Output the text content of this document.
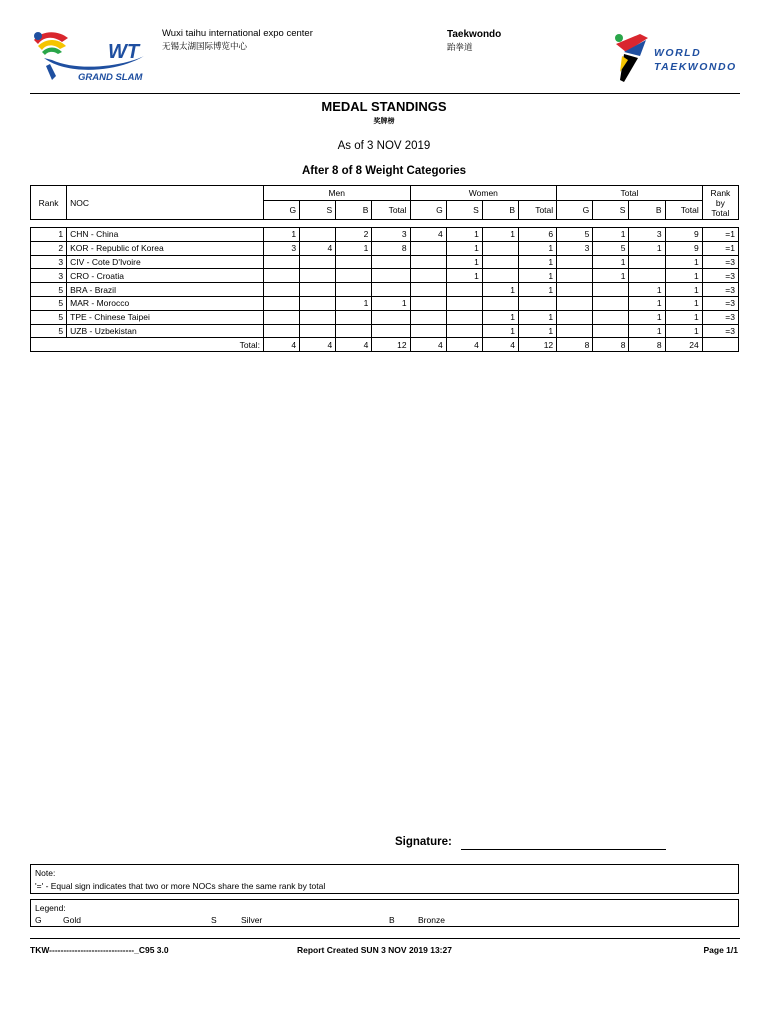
WT
GRAND SLAM
Wuxi taihu international expo center
无锡太湖国际博览中心
Taekwondo
跆拳道	WORLD
TAEKWONDO
MEDAL STANDINGS
奖牌榜
As of 3 NOV 2019
After 8 of 8 Weight Categories
Rank	NOC	Men				Women				Total				Rank
by
Total

		G	S	B	Total	G	S	B	Total	G	S	B	Total	

1	CHN - China	1		2	3	4	1	1	6	5	1	3	9	=1
2	KOR - Republic of Korea	3	4	1	8		1		1	3	5	1	9	=1
3	CIV - Cote D'Ivoire						1		1		1		1	=3
3	CRO - Croatia						1		1		1		1	=3
5	BRA - Brazil							1	1			1	1	=3
5	MAR - Morocco			1	1							1	1	=3
5	TPE - Chinese Taipei							1	1			1	1	=3
5	UZB - Uzbekistan							1	1			1	1	=3
Total:		4	4	4	12	4	4	4	12	8	8	8	24	
Signature:
Note:
'=' - Equal sign indicates that two or more NOCs share the same rank by total
Legend:
G	Gold	S	Silver	B	Bronze
TKW------------------------------_C95 3.0	Report Created SUN 3 NOV 2019 13:27	Page 1/1
